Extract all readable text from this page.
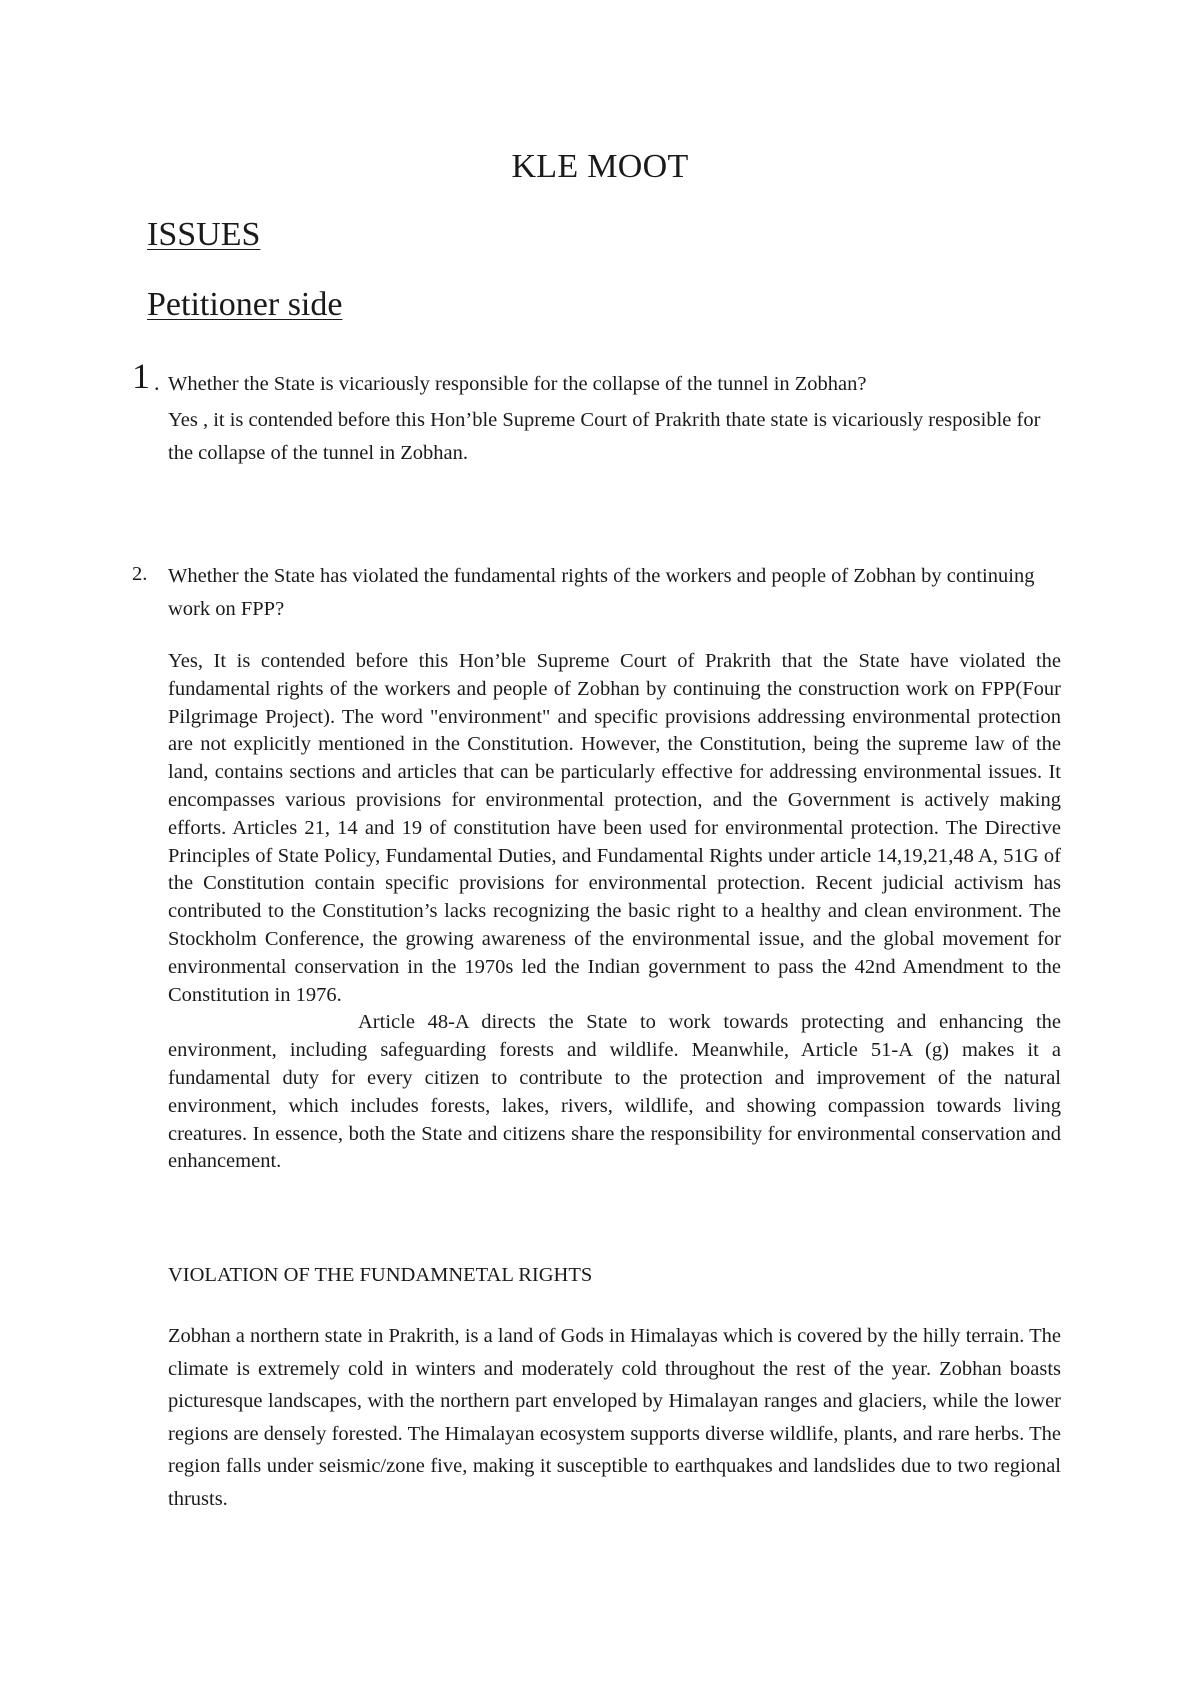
KLE MOOT
ISSUES
Petitioner side
1 . Whether the State is vicariously responsible for the collapse of the tunnel in Zobhan?

Yes , it is contended before this Hon’ble Supreme Court of Prakrith thate state is vicariously resposible for the collapse of the tunnel in Zobhan.

2. Whether the State has violated the fundamental rights of the workers and people of Zobhan by continuing work on FPP?

Yes, It is contended before this Hon’ble Supreme Court of Prakrith that the State have violated the fundamental rights of the workers and people of Zobhan by continuing the construction work on FPP(Four Pilgrimage Project). The word "environment" and specific provisions addressing environmental protection are not explicitly mentioned in the Constitution. However, the Constitution, being the supreme law of the land, contains sections and articles that can be particularly effective for addressing environmental issues. It encompasses various provisions for environmental protection, and the Government is actively making efforts. Articles 21, 14 and 19 of constitution have been used for environmental protection. The Directive Principles of State Policy, Fundamental Duties, and Fundamental Rights under article 14,19,21,48 A, 51G of the Constitution contain specific provisions for environmental protection. Recent judicial activism has contributed to the Constitution’s lacks recognizing the basic right to a healthy and clean environment. The Stockholm Conference, the growing awareness of the environmental issue, and the global movement for environmental conservation in the 1970s led the Indian government to pass the 42nd Amendment to the Constitution in 1976.
Article 48-A directs the State to work towards protecting and enhancing the environment, including safeguarding forests and wildlife. Meanwhile, Article 51-A (g) makes it a fundamental duty for every citizen to contribute to the protection and improvement of the natural environment, which includes forests, lakes, rivers, wildlife, and showing compassion towards living creatures. In essence, both the State and citizens share the responsibility for environmental conservation and enhancement.

VIOLATION OF THE FUNDAMNETAL RIGHTS

Zobhan a northern state in Prakrith, is a land of Gods in Himalayas which is covered by the hilly terrain. The climate is extremely cold in winters and moderately cold throughout the rest of the year. Zobhan boasts picturesque landscapes, with the northern part enveloped by Himalayan ranges and glaciers, while the lower regions are densely forested. The Himalayan ecosystem supports diverse wildlife, plants, and rare herbs. The region falls under seismic/zone five, making it susceptible to earthquakes and landslides due to two regional thrusts.
